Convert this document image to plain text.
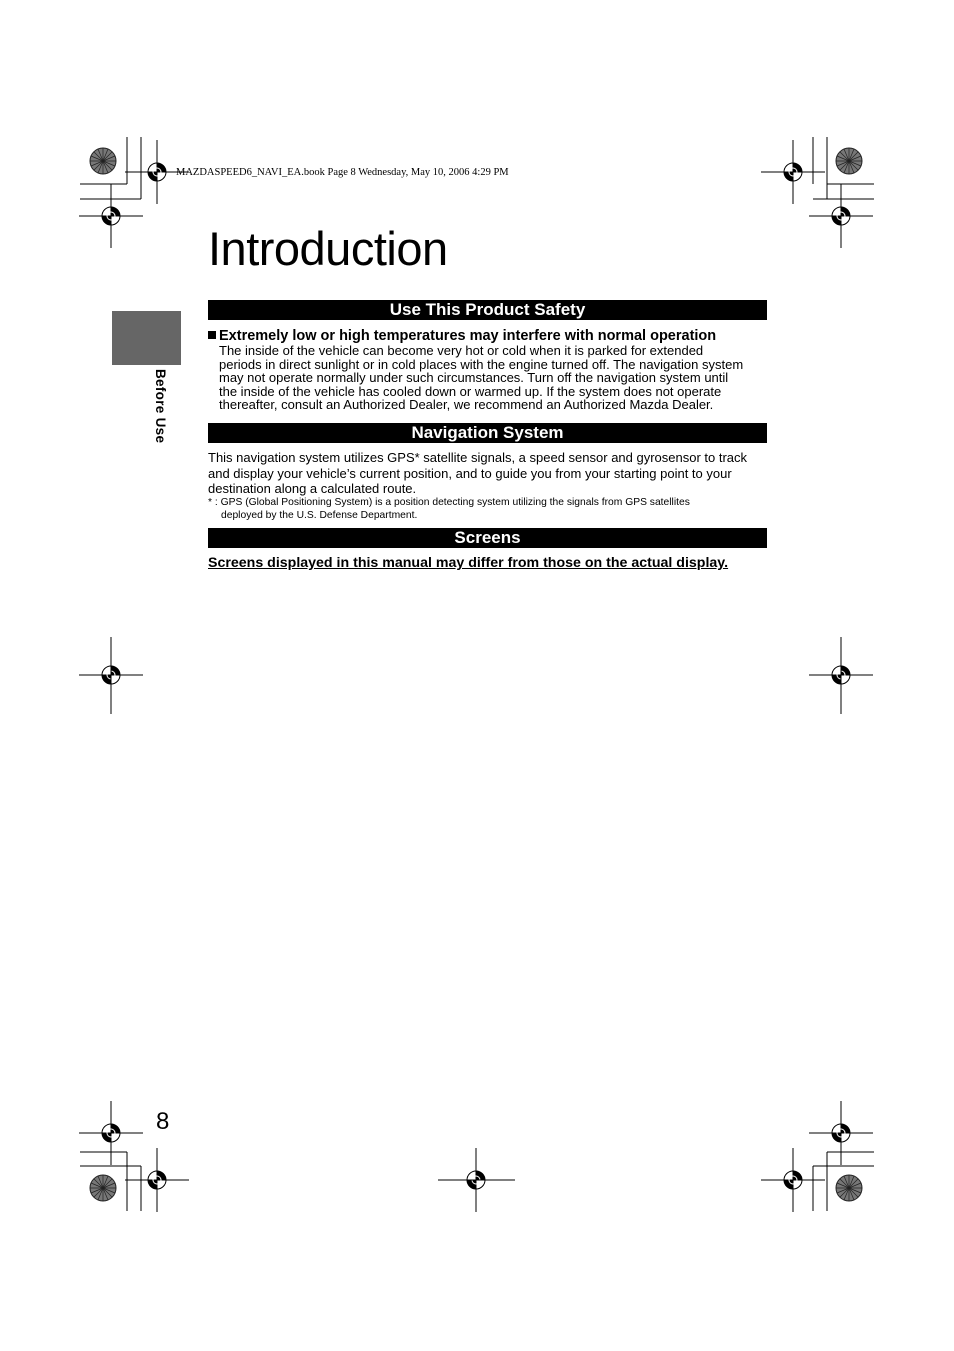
MAZDASPEED6_NAVI_EA.book Page 8 Wednesday, May 10, 2006 4:29 PM
Introduction
Before Use
Use This Product Safety
Extremely low or high temperatures may interfere with normal operation
The inside of the vehicle can become very hot or cold when it is parked for extended
periods in direct sunlight or in cold places with the engine turned off. The navigation system
may not operate normally under such circumstances. Turn off the navigation system until
the inside of the vehicle has cooled down or warmed up. If the system does not operate
thereafter, consult an Authorized Dealer, we recommend an Authorized Mazda Dealer.
Navigation System
This navigation system utilizes GPS* satellite signals, a speed sensor and gyrosensor to track
and display your vehicle’s current position, and to guide you from your starting point to your
destination along a calculated route.
* : GPS (Global Positioning System) is a position detecting system utilizing the signals from GPS satellites
deployed by the U.S. Defense Department.
Screens
Screens displayed in this manual may differ from those on the actual display.
8
